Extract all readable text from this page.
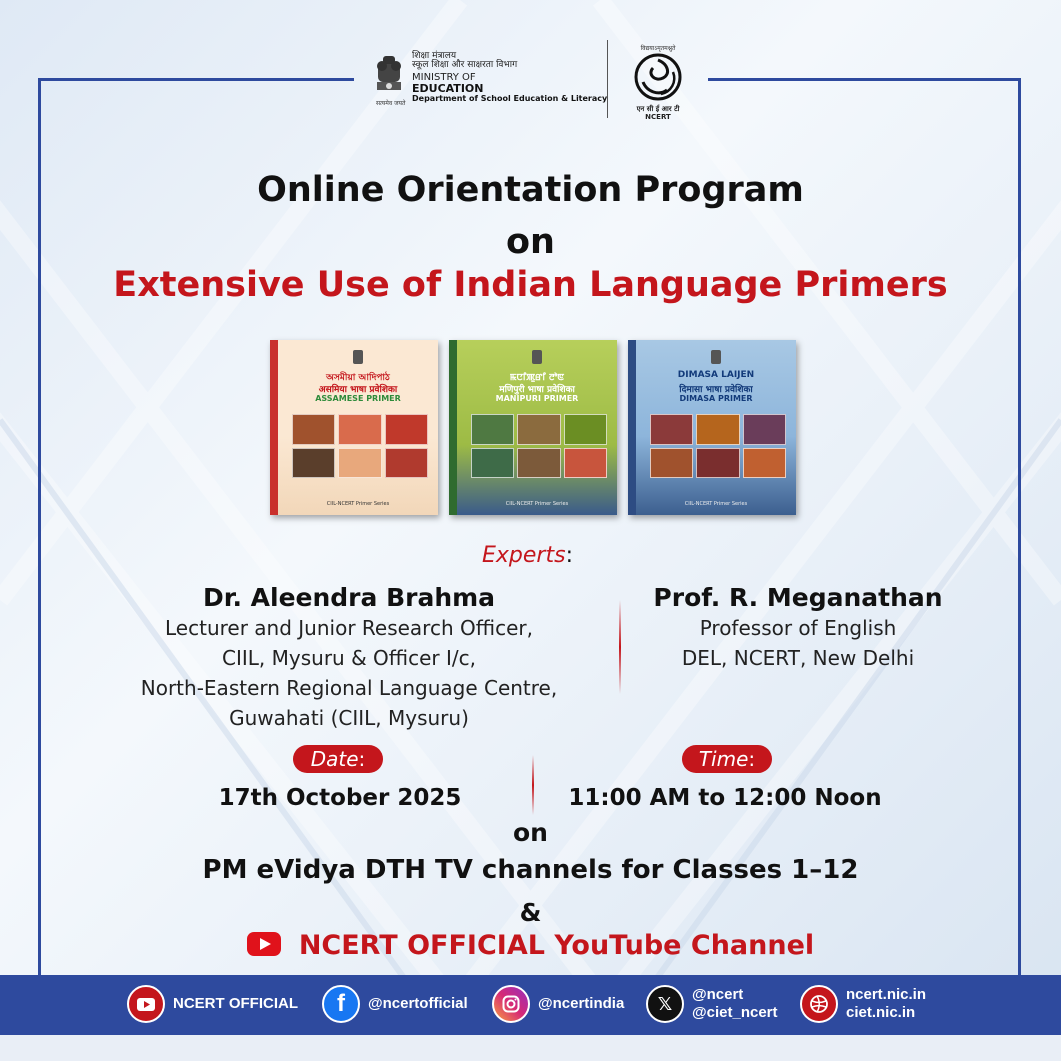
शिक्षा मंत्रालय
स्कूल शिक्षा और साक्षरता विभाग
MINISTRY OF
EDUCATION
Department of School Education & Literacy
सत्यमेव जयते
विद्ययाऽमृतमश्नुते
एन सी ई आर टी
NCERT
Online Orientation Program
on
Extensive Use of Indian Language Primers
অসমীয়া আদিপাঠ
असमिया भाषा प्रवेशिका
ASSAMESE PRIMER
CIIL-NCERT Primer Series
ꯃꯅꯤꯄꯨꯔꯤ ꯂꯣꯟ
मणिपुरी भाषा प्रवेशिका
MANIPURI PRIMER
CIIL-NCERT Primer Series
DIMASA LAIJEN
दिमासा भाषा प्रवेशिका
DIMASA PRIMER
CIIL-NCERT Primer Series
Experts:
Dr. Aleendra Brahma
Lecturer and Junior Research Officer,
CIIL, Mysuru & Officer I/c,
North-Eastern Regional Language Centre,
Guwahati (CIIL, Mysuru)
Prof. R. Meganathan
Professor of English
DEL, NCERT, New Delhi
Date:	Time:
17th October 2025	11:00 AM to 12:00 Noon
on
PM eVidya DTH TV channels for Classes 1–12
&
NCERT OFFICIAL YouTube Channel
NCERT OFFICIAL f @ncertofficial	@ncertindia 𝕏 @ncert
@ciet_ncert
ncert.nic.in
ciet.nic.in
